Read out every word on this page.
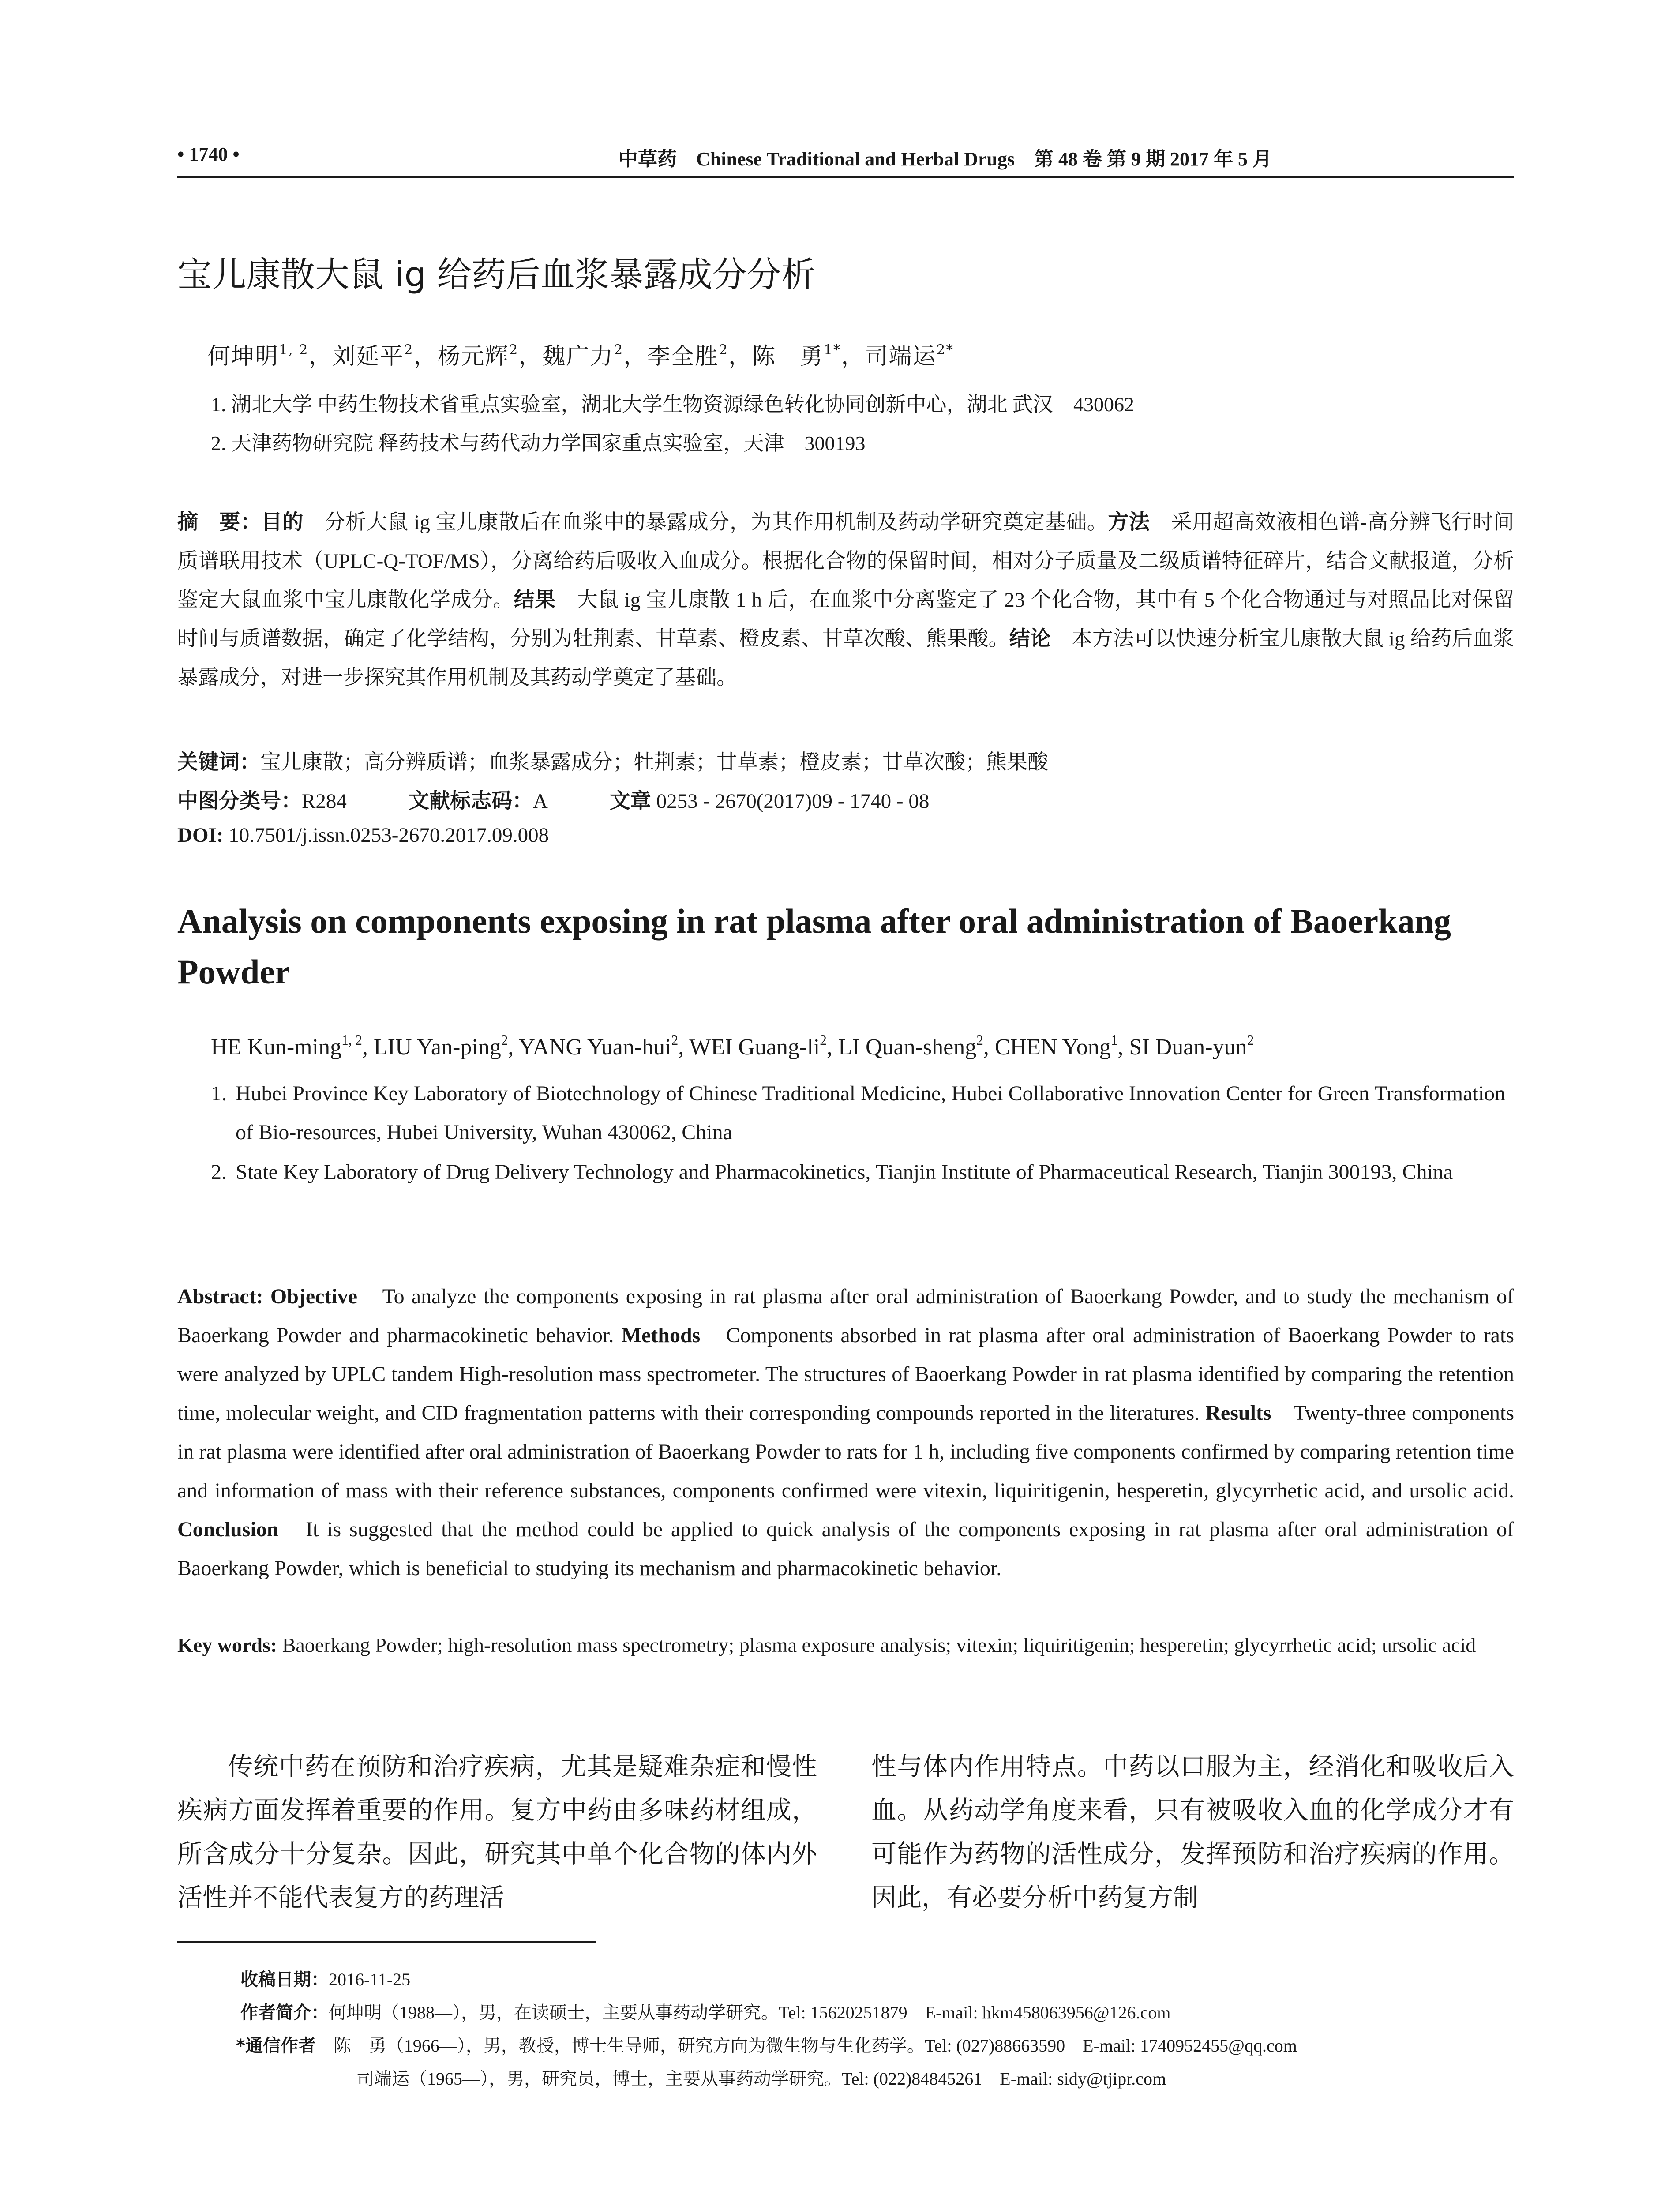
• 1740 •	中草药　Chinese Traditional and Herbal Drugs　第 48 卷 第 9 期 2017 年 5 月
宝儿康散大鼠 ig 给药后血浆暴露成分分析
何坤明$^{1, 2}$，刘延平$^2$，杨元辉$^2$，魏广力$^2$，李全胜$^2$，陈　勇$^{1*}$，司端运$^{2*}$
1. 湖北大学 中药生物技术省重点实验室，湖北大学生物资源绿色转化协同创新中心，湖北 武汉　430062
2. 天津药物研究院 释药技术与药代动力学国家重点实验室，天津　300193
摘　要：目的　 分析大鼠 ig 宝儿康散后在血浆中的暴露成分，为其作用机制及药动学研究奠定基础。方法　 采用超高效液相色谱-高分辨飞行时间质谱联用技术（UPLC-Q-TOF/MS），分离给药后吸收入血成分。根据化合物的保留时间，相对分子质量及二级质谱特征碎片，结合文献报道，分析鉴定大鼠血浆中宝儿康散化学成分。结果　 大鼠 ig 宝儿康散 1 h 后，在血浆中分离鉴定了 23 个化合物，其中有 5 个化合物通过与对照品比对保留时间与质谱数据，确定了化学结构，分别为牡荆素、甘草素、橙皮素、甘草次酸、熊果酸。结论　 本方法可以快速分析宝儿康散大鼠 ig 给药后血浆暴露成分，对进一步探究其作用机制及其药动学奠定了基础。
关键词：宝儿康散；高分辨质谱；血浆暴露成分；牡荆素；甘草素；橙皮素；甘草次酸；熊果酸
中图分类号：R284	文献标志码：A	文章 0253 - 2670(2017)09 - 1740 - 08
DOI: 10.7501/j.issn.0253-2670.2017.09.008
Analysis on components exposing in rat plasma after oral administration of Baoerkang Powder
HE Kun-ming$^{1, 2}$, LIU Yan-ping$^2$, YANG Yuan-hui$^2$, WEI Guang-$li^2$, LI Quan-sheng$^2$, CHEN Yong$^1$, SI Duan-yun$^2$
1. Hubei Province Key Laboratory of Biotechnology of Chinese Traditional Medicine, Hubei Collaborative Innovation Center for Green Transformation of Bio-resources, Hubei University, Wuhan 430062, China
2. State Key Laboratory of Drug Delivery Technology and Pharmacokinetics, Tianjin Institute of Pharmaceutical Research, Tianjin 300193, China
Abstract: Objective　 To analyze the components exposing in rat plasma after oral administration of Baoerkang Powder, and to study the mechanism of Baoerkang Powder and pharmacokinetic behavior. Methods　 Components absorbed in rat plasma after oral administration of Baoerkang Powder to rats were analyzed by UPLC tandem High-resolution mass spectrometer. The structures of Baoerkang Powder in rat plasma identified by comparing the retention time, molecular weight, and CID fragmentation patterns with their corresponding compounds reported in the literatures. Results　 Twenty-three components in rat plasma were identified after oral administration of Baoerkang Powder to rats for 1 h, including five components confirmed by comparing retention time and information of mass with their reference substances, components confirmed were vitexin, liquiritigenin, hesperetin, glycyrrhetic acid, and ursolic acid. Conclusion　 It is suggested that the method could be applied to quick analysis of the components exposing in rat plasma after oral administration of Baoerkang Powder, which is beneficial to studying its mechanism and pharmacokinetic behavior.
Key words: Baoerkang Powder; high-resolution mass spectrometry; plasma exposure analysis; vitexin; liquiritigenin; hesperetin; glycyrrhetic acid; ursolic acid
传统中药在预防和治疗疾病，尤其是疑难杂症和慢性疾病方面发挥着重要的作用。复方中药由多味药材组成，所含成分十分复杂。因此，研究其中单个化合物的体内外活性并不能代表复方的药理活
性与体内作用特点。中药以口服为主，经消化和吸收后入血。从药动学角度来看，只有被吸收入血的化学成分才有可能作为药物的活性成分，发挥预防和治疗疾病的作用。因此，有必要分析中药复方制
收稿日期：2016-11-25
作者简介：何坤明（1988—），男，在读硕士，主要从事药动学研究。Tel: 15620251879　E-mail: hkm458063956@126.com
*通信作者 陈　勇（1966—），男，教授，博士生导师，研究方向为微生物与生化药学。Tel: (027)88663590　E-mail: 1740952455@qq.com
司端运（1965—），男，研究员，博士，主要从事药动学研究。Tel: (022)84845261　E-mail: sidy@tjipr.com
